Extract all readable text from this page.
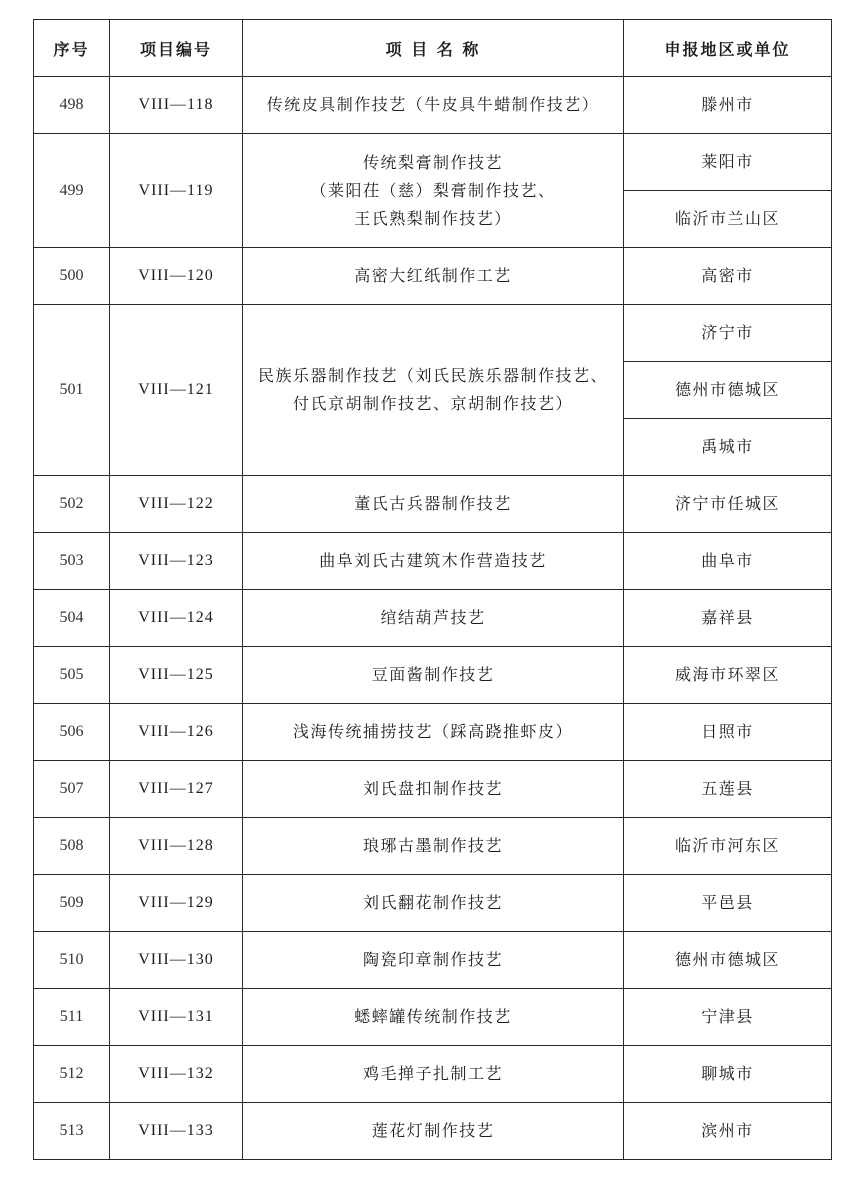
序号	项目编号	项 目 名 称	申报地区或单位
498	VIII—118	传统皮具制作技艺（牛皮具牛蜡制作技艺）	滕州市
499	VIII—119	传统梨膏制作技艺
（莱阳茌（慈）梨膏制作技艺、
王氏熟梨制作技艺）	莱阳市
			临沂市兰山区
500	VIII—120	高密大红纸制作工艺	高密市
501	VIII—121	民族乐器制作技艺（刘氏民族乐器制作技艺、
付氏京胡制作技艺、京胡制作技艺）	济宁市
			德州市德城区
			禹城市
502	VIII—122	董氏古兵器制作技艺	济宁市任城区
503	VIII—123	曲阜刘氏古建筑木作营造技艺	曲阜市
504	VIII—124	绾结葫芦技艺	嘉祥县
505	VIII—125	豆面酱制作技艺	威海市环翠区
506	VIII—126	浅海传统捕捞技艺（踩高跷推虾皮）	日照市
507	VIII—127	刘氏盘扣制作技艺	五莲县
508	VIII—128	琅琊古墨制作技艺	临沂市河东区
509	VIII—129	刘氏翻花制作技艺	平邑县
510	VIII—130	陶瓷印章制作技艺	德州市德城区
511	VIII—131	蟋蟀罐传统制作技艺	宁津县
512	VIII—132	鸡毛掸子扎制工艺	聊城市
513	VIII—133	莲花灯制作技艺	滨州市
